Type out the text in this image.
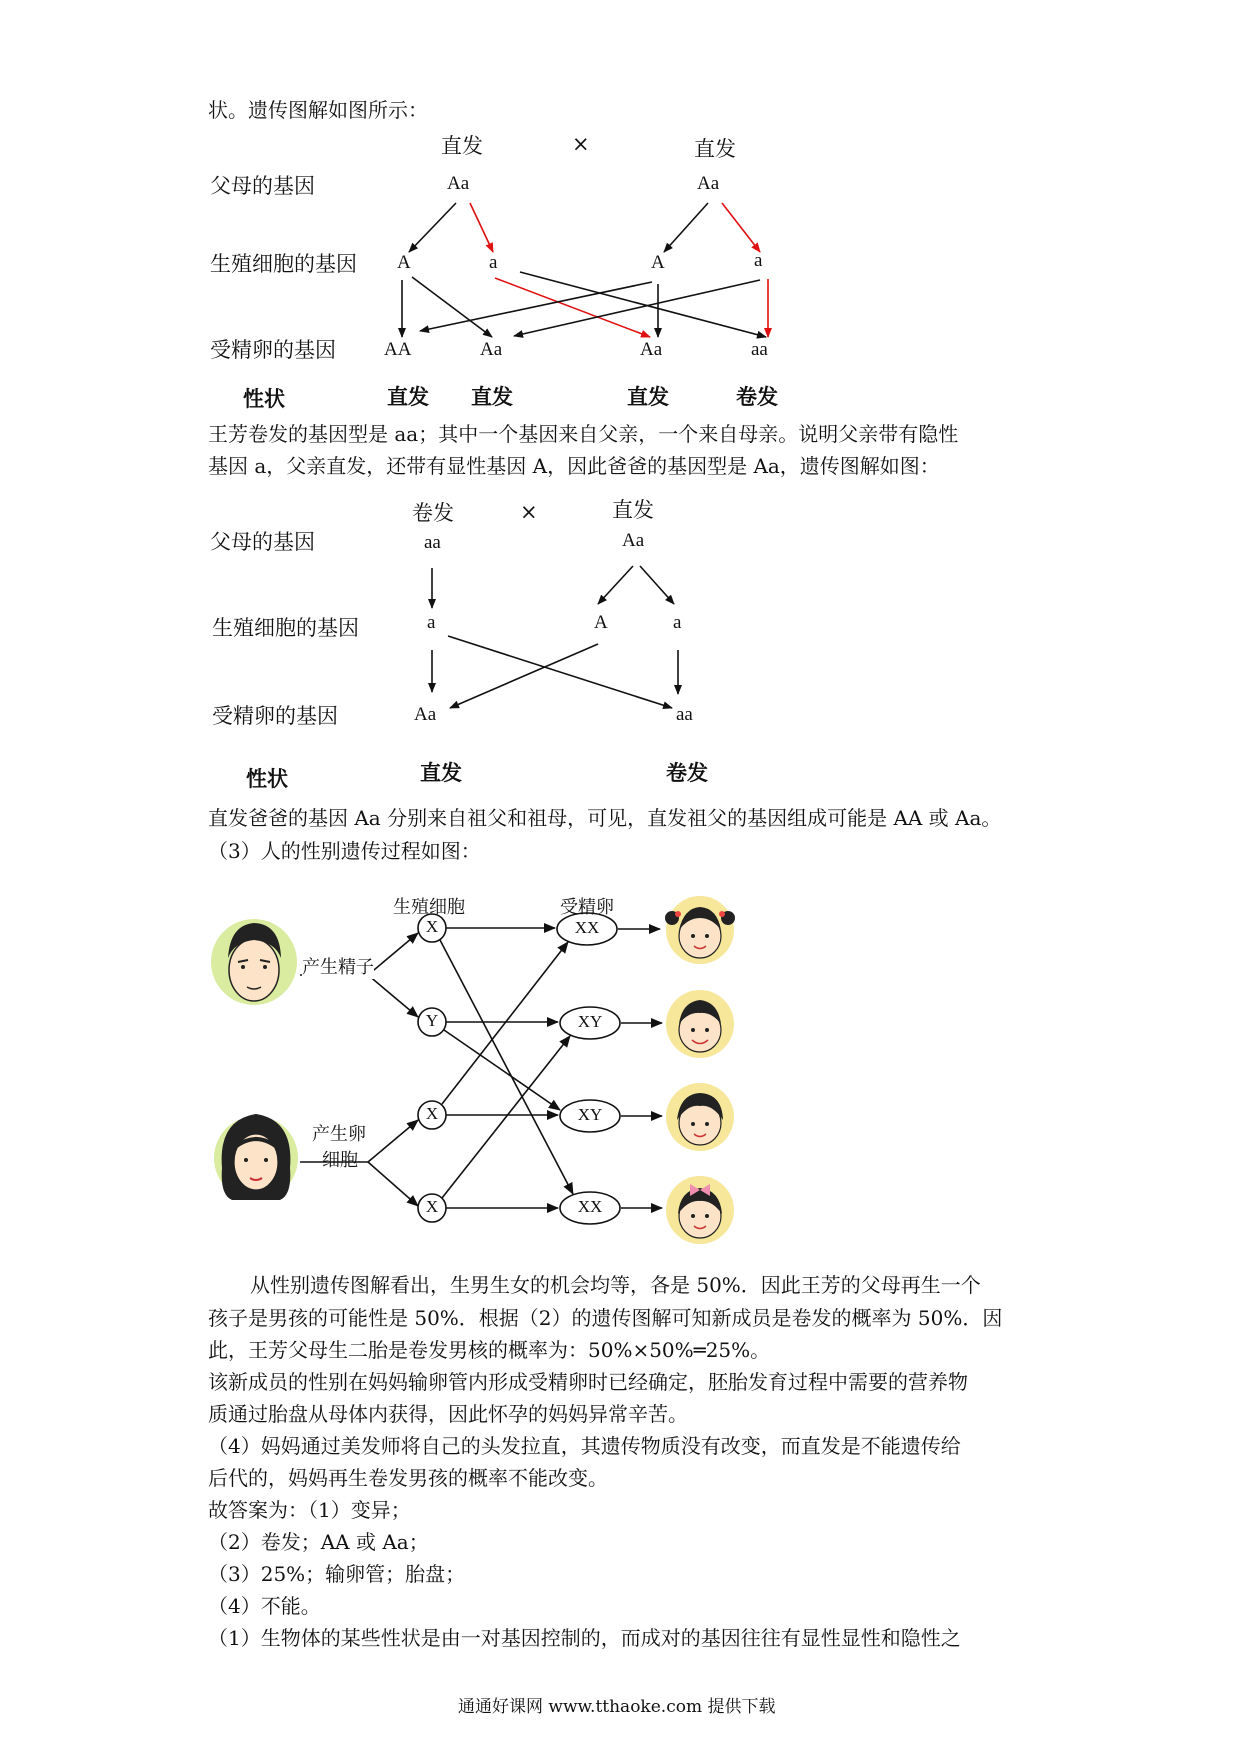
状。遗传图解如图所示：
直发	×	直发
父母的基因	Aa	Aa
生殖细胞的基因 A	a	A	a
受精卵的基因	AA	Aa	Aa	aa
性状	直发 直发	直发	卷发
王芳卷发的基因型是 aa；其中一个基因来自父亲，一个来自母亲。说明父亲带有隐性
基因 a，父亲直发，还带有显性基因 A，因此爸爸的基因型是 Aa，遗传图解如图：
卷发	×	直发
父母的基因	aa	Aa
生殖细胞的基因	a	A	a
受精卵的基因	Aa	aa
性状	直发	卷发
直发爸爸的基因 Aa 分别来自祖父和祖母，可见，直发祖父的基因组成可能是 AA 或 Aa。
（3）人的性别遗传过程如图：
生殖细胞	受精卵
产生精子
产生卵
细胞
X
Y
X
X
XX
XY
XY
XX
从性别遗传图解看出，生男生女的机会均等，各是 50%．因此王芳的父母再生一个
孩子是男孩的可能性是 50%．根据（2）的遗传图解可知新成员是卷发的概率为 50%．因
此，王芳父母生二胎是卷发男核的概率为：50%×50%═25%。
该新成员的性别在妈妈输卵管内形成受精卵时已经确定，胚胎发育过程中需要的营养物
质通过胎盘从母体内获得，因此怀孕的妈妈异常辛苦。
（4）妈妈通过美发师将自己的头发拉直，其遗传物质没有改变，而直发是不能遗传给
后代的，妈妈再生卷发男孩的概率不能改变。
故答案为：（1）变异；
（2）卷发；AA 或 Aa；
（3）25%；输卵管；胎盘；
（4）不能。
（1）生物体的某些性状是由一对基因控制的，而成对的基因往往有显性显性和隐性之
通通好课网 www.tthaoke.com 提供下载
